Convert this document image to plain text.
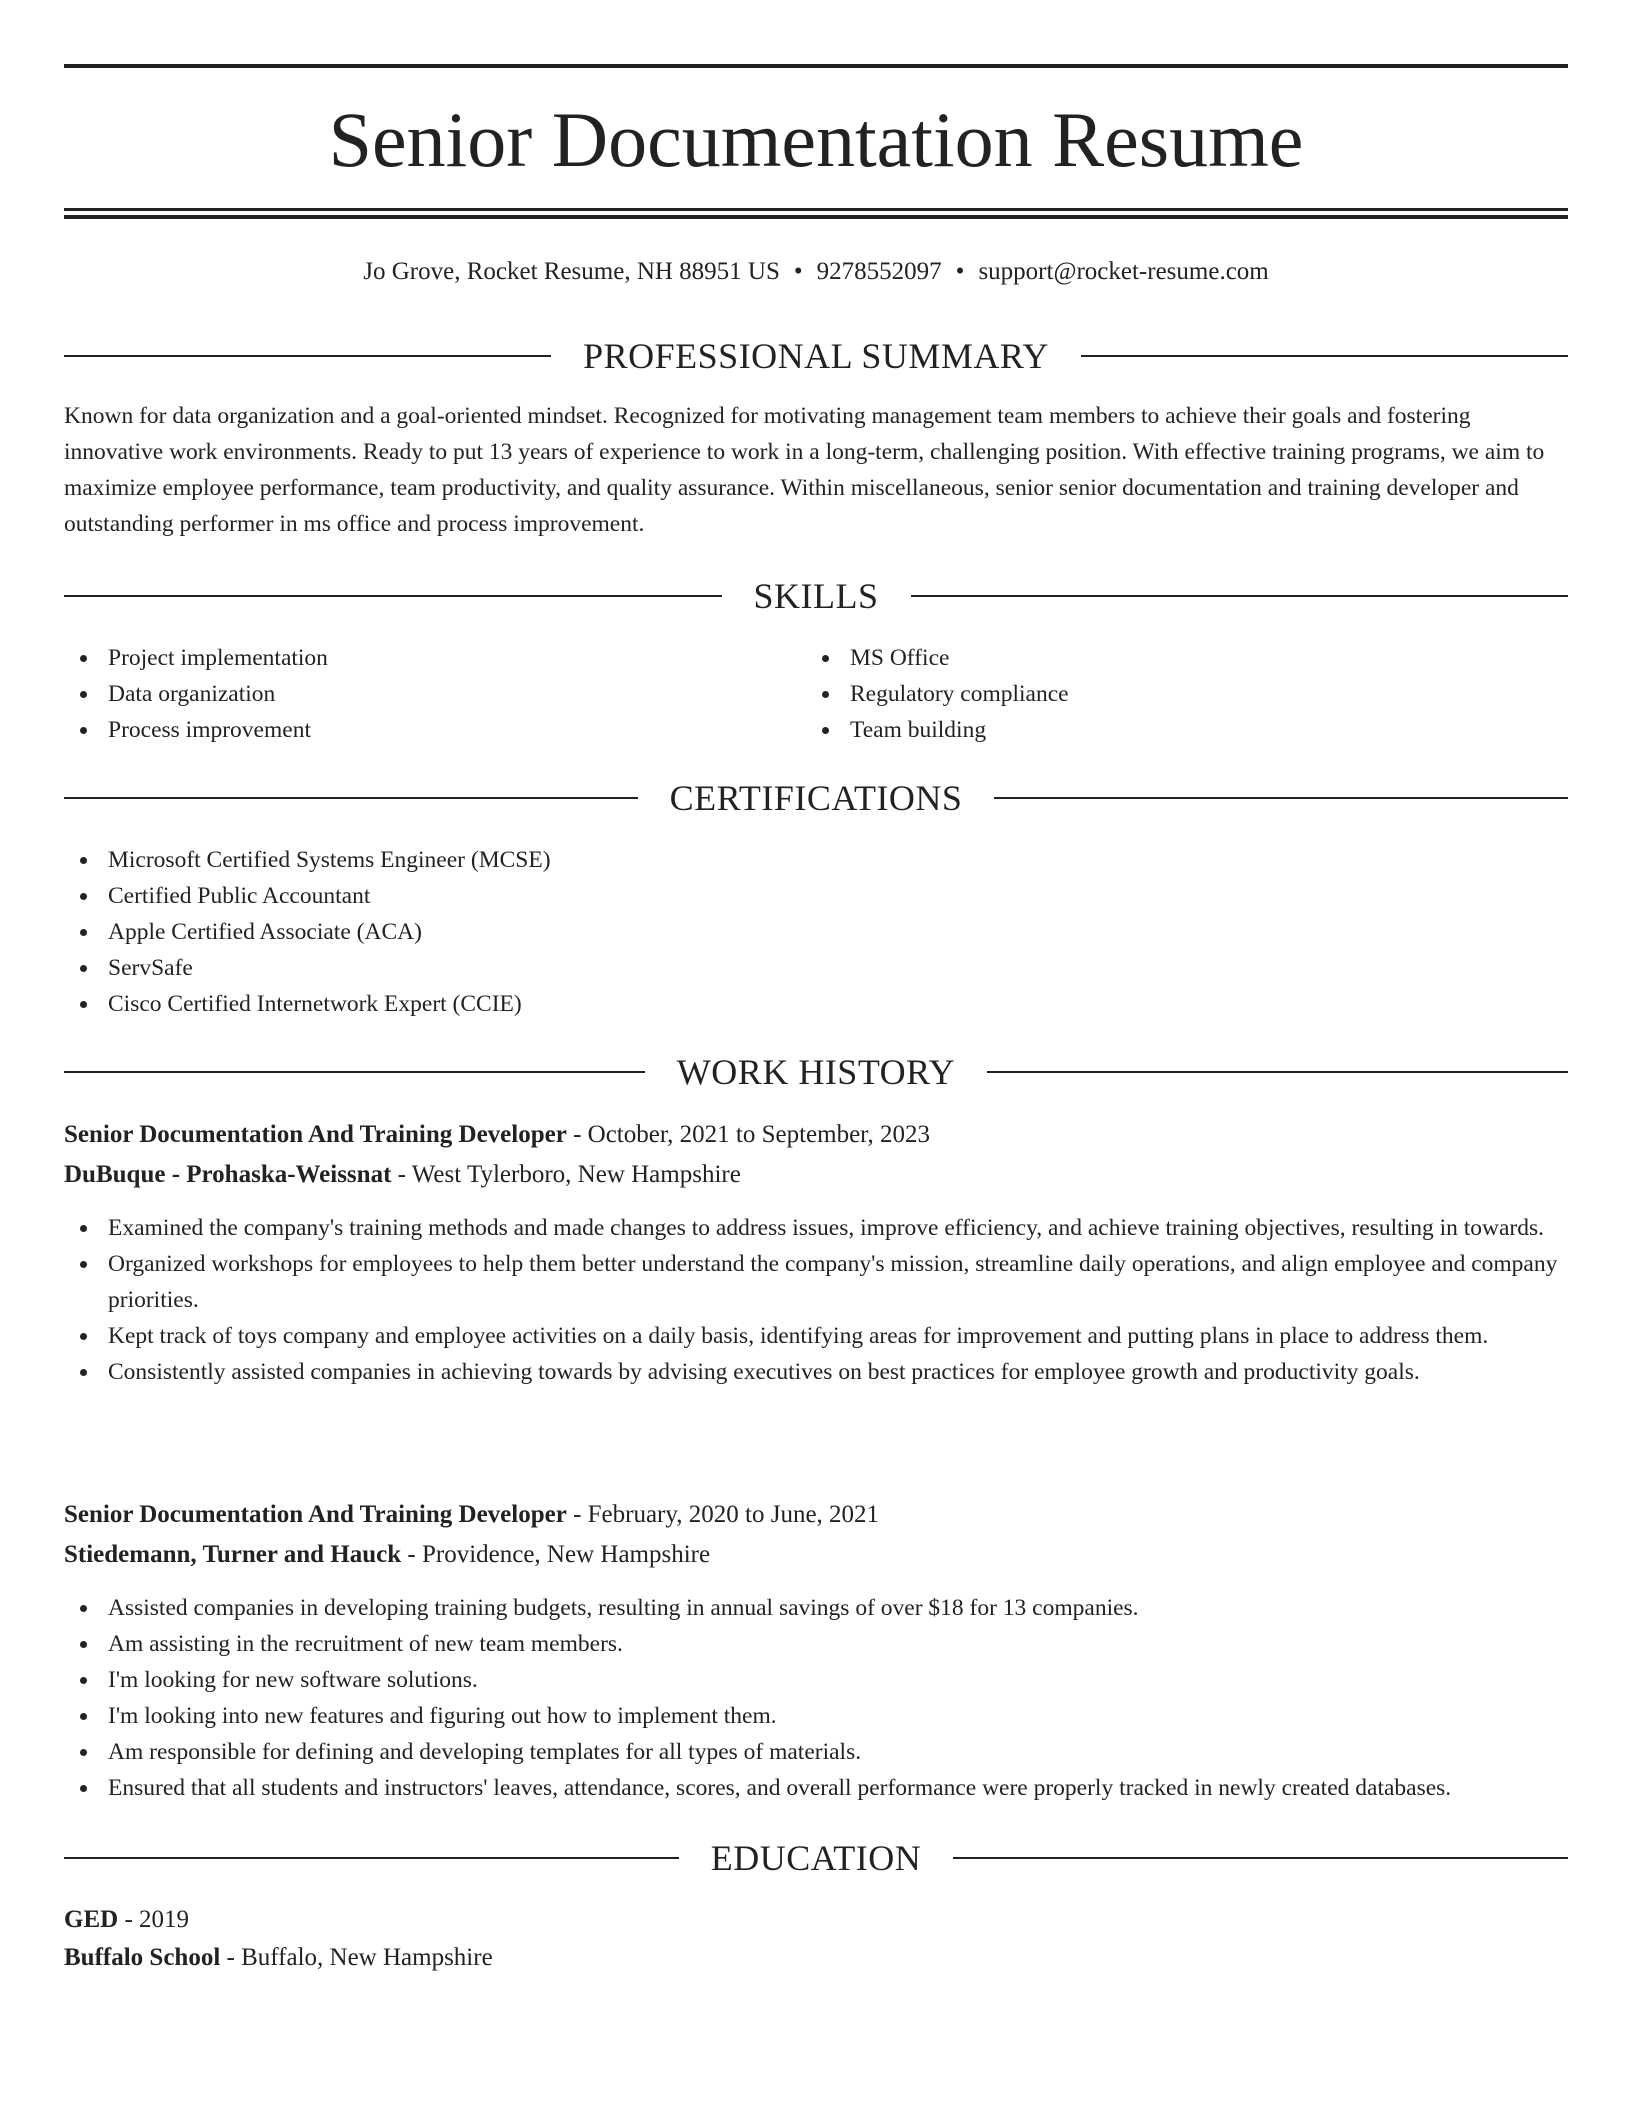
Senior Documentation Resume
Jo Grove, Rocket Resume, NH 88951 US • 9278552097 • support@rocket-resume.com
PROFESSIONAL SUMMARY

Known for data organization and a goal-oriented mindset. Recognized for motivating management team members to achieve their goals and fostering innovative work environments. Ready to put 13 years of experience to work in a long-term, challenging position. With effective training programs, we aim to maximize employee performance, team productivity, and quality assurance. Within miscellaneous, senior senior documentation and training developer and outstanding performer in ms office and process improvement.

SKILLS
Project implementation
Data organization
Process improvement
MS Office
Regulatory compliance
Team building
CERTIFICATIONS
Microsoft Certified Systems Engineer (MCSE)
Certified Public Accountant
Apple Certified Associate (ACA)
ServSafe
Cisco Certified Internetwork Expert (CCIE)
WORK HISTORY
Senior Documentation And Training Developer - October, 2021 to September, 2023
DuBuque - Prohaska-Weissnat - West Tylerboro, New Hampshire
Examined the company's training methods and made changes to address issues, improve efficiency, and achieve training objectives, resulting in towards.
Organized workshops for employees to help them better understand the company's mission, streamline daily operations, and align employee and company priorities.
Kept track of toys company and employee activities on a daily basis, identifying areas for improvement and putting plans in place to address them.
Consistently assisted companies in achieving towards by advising executives on best practices for employee growth and productivity goals.
Senior Documentation And Training Developer - February, 2020 to June, 2021
Stiedemann, Turner and Hauck - Providence, New Hampshire
Assisted companies in developing training budgets, resulting in annual savings of over $18 for 13 companies.
Am assisting in the recruitment of new team members.
I'm looking for new software solutions.
I'm looking into new features and figuring out how to implement them.
Am responsible for defining and developing templates for all types of materials.
Ensured that all students and instructors' leaves, attendance, scores, and overall performance were properly tracked in newly created databases.
EDUCATION
GED - 2019
Buffalo School - Buffalo, New Hampshire
